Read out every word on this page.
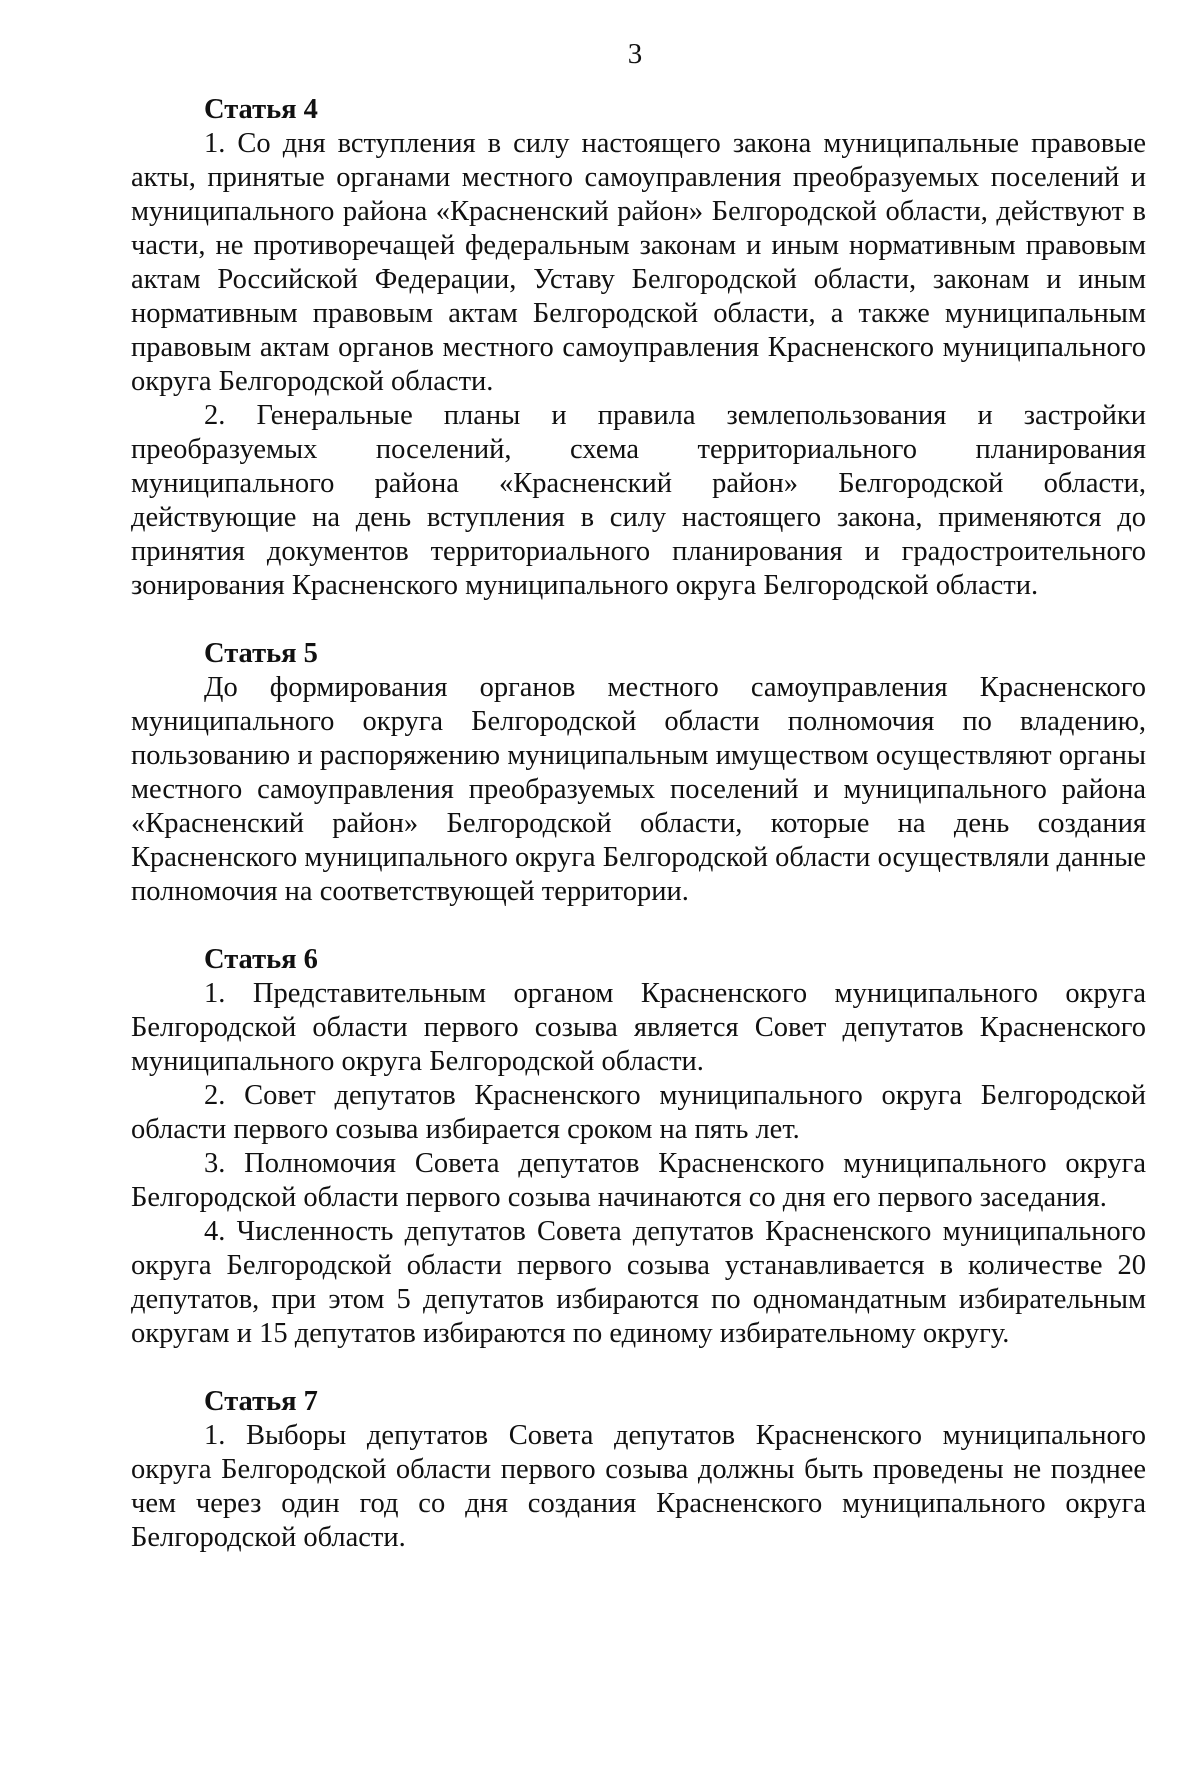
3
Статья 4

1. Со дня вступления в силу настоящего закона муниципальные правовые акты, принятые органами местного самоуправления преобразуемых поселений и муниципального района «Красненский район» Белгородской области, действуют в части, не противоречащей федеральным законам и иным нормативным правовым актам Российской Федерации, Уставу Белгородской области, законам и иным нормативным правовым актам Белгородской области, а также муниципальным правовым актам органов местного самоуправления Красненского муниципального округа Белгородской области.

2. Генеральные планы и правила землепользования и застройки преобразуемых поселений, схема территориального планирования муниципального района «Красненский район» Белгородской области, действующие на день вступления в силу настоящего закона, применяются до принятия документов территориального планирования и градостроительного зонирования Красненского муниципального округа Белгородской области.

Статья 5

До формирования органов местного самоуправления Красненского муниципального округа Белгородской области полномочия по владению, пользованию и распоряжению муниципальным имуществом осуществляют органы местного самоуправления преобразуемых поселений и муниципального района «Красненский район» Белгородской области, которые на день создания Красненского муниципального округа Белгородской области осуществляли данные полномочия на соответствующей территории.

Статья 6

1. Представительным органом Красненского муниципального округа Белгородской области первого созыва является Совет депутатов Красненского муниципального округа Белгородской области.

2. Совет депутатов Красненского муниципального округа Белгородской области первого созыва избирается сроком на пять лет.

3. Полномочия Совета депутатов Красненского муниципального округа Белгородской области первого созыва начинаются со дня его первого заседания.

4. Численность депутатов Совета депутатов Красненского муниципального округа Белгородской области первого созыва устанавливается в количестве 20 депутатов, при этом 5 депутатов избираются по одномандатным избирательным округам и 15 депутатов избираются по единому избирательному округу.

Статья 7

1. Выборы депутатов Совета депутатов Красненского муниципального округа Белгородской области первого созыва должны быть проведены не позднее чем через один год со дня создания Красненского муниципального округа Белгородской области.
